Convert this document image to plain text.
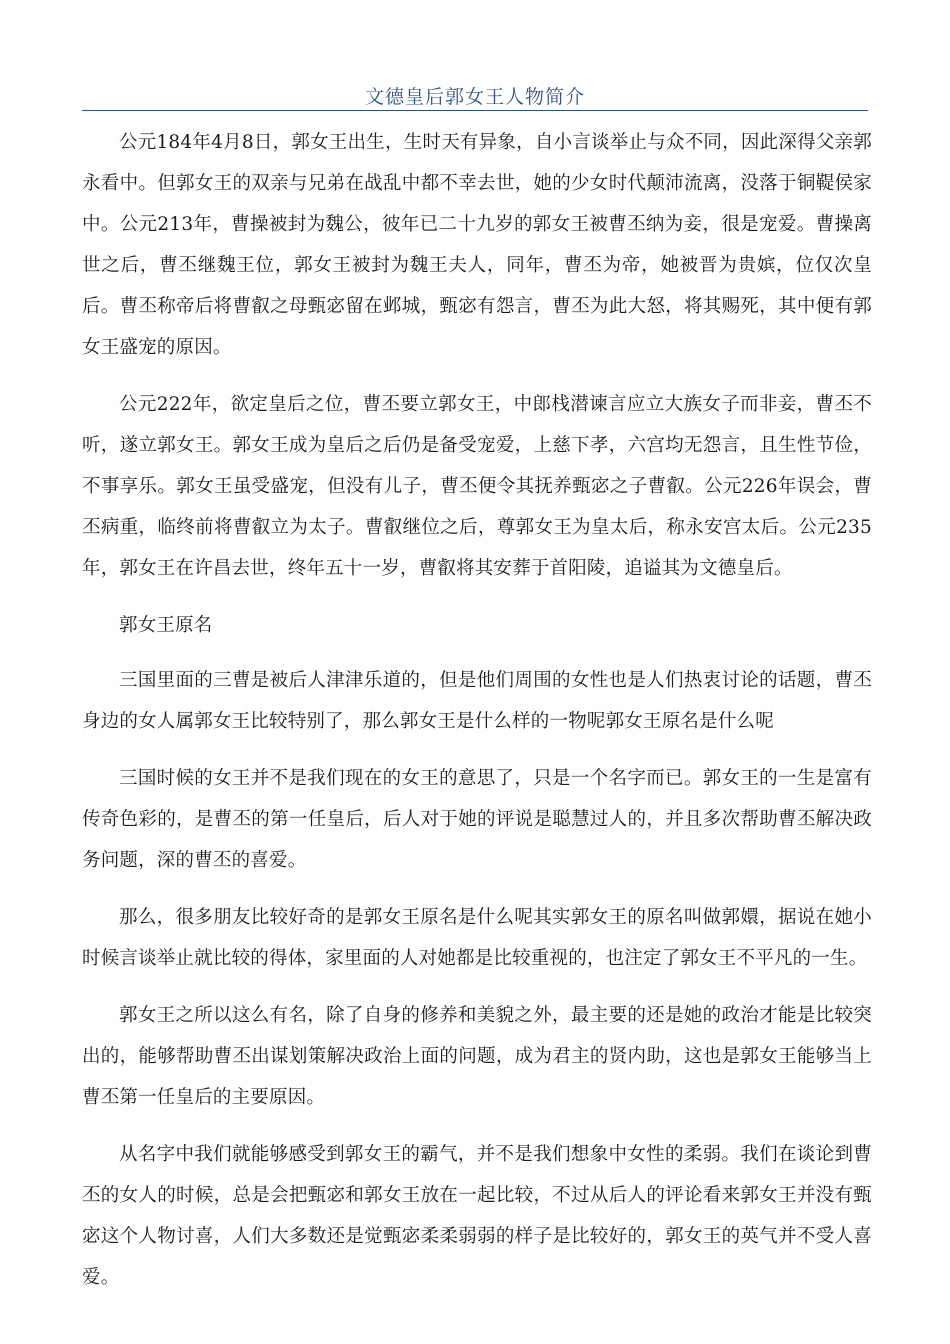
文德皇后郭女王人物简介

公元184年4月8日，郭女王出生，生时天有异象，自小言谈举止与众不同，因此深得父亲郭永看中。但郭女王的双亲与兄弟在战乱中都不幸去世，她的少女时代颠沛流离，没落于铜鞮侯家中。公元213年，曹操被封为魏公，彼年已二十九岁的郭女王被曹丕纳为妾，很是宠爱。曹操离世之后，曹丕继魏王位，郭女王被封为魏王夫人，同年，曹丕为帝，她被晋为贵嫔，位仅次皇后。曹丕称帝后将曹叡之母甄宓留在邺城，甄宓有怨言，曹丕为此大怒，将其赐死，其中便有郭女王盛宠的原因。

公元222年，欲定皇后之位，曹丕要立郭女王，中郎栈潜谏言应立大族女子而非妾，曹丕不听，遂立郭女王。郭女王成为皇后之后仍是备受宠爱，上慈下孝，六宫均无怨言，且生性节俭，不事享乐。郭女王虽受盛宠，但没有儿子，曹丕便令其抚养甄宓之子曹叡。公元226年误会，曹丕病重，临终前将曹叡立为太子。曹叡继位之后，尊郭女王为皇太后，称永安宫太后。公元235年，郭女王在许昌去世，终年五十一岁，曹叡将其安葬于首阳陵，追谥其为文德皇后。

郭女王原名

三国里面的三曹是被后人津津乐道的，但是他们周围的女性也是人们热衷讨论的话题，曹丕身边的女人属郭女王比较特别了，那么郭女王是什么样的一物呢郭女王原名是什么呢

三国时候的女王并不是我们现在的女王的意思了，只是一个名字而已。郭女王的一生是富有传奇色彩的，是曹丕的第一任皇后，后人对于她的评说是聪慧过人的，并且多次帮助曹丕解决政务问题，深的曹丕的喜爱。

那么，很多朋友比较好奇的是郭女王原名是什么呢其实郭女王的原名叫做郭嬛，据说在她小时候言谈举止就比较的得体，家里面的人对她都是比较重视的，也注定了郭女王不平凡的一生。

郭女王之所以这么有名，除了自身的修养和美貌之外，最主要的还是她的政治才能是比较突出的，能够帮助曹丕出谋划策解决政治上面的问题，成为君主的贤内助，这也是郭女王能够当上曹丕第一任皇后的主要原因。

从名字中我们就能够感受到郭女王的霸气，并不是我们想象中女性的柔弱。我们在谈论到曹丕的女人的时候，总是会把甄宓和郭女王放在一起比较，不过从后人的评论看来郭女王并没有甄宓这个人物讨喜，人们大多数还是觉甄宓柔柔弱弱的样子是比较好的，郭女王的英气并不受人喜爱。
